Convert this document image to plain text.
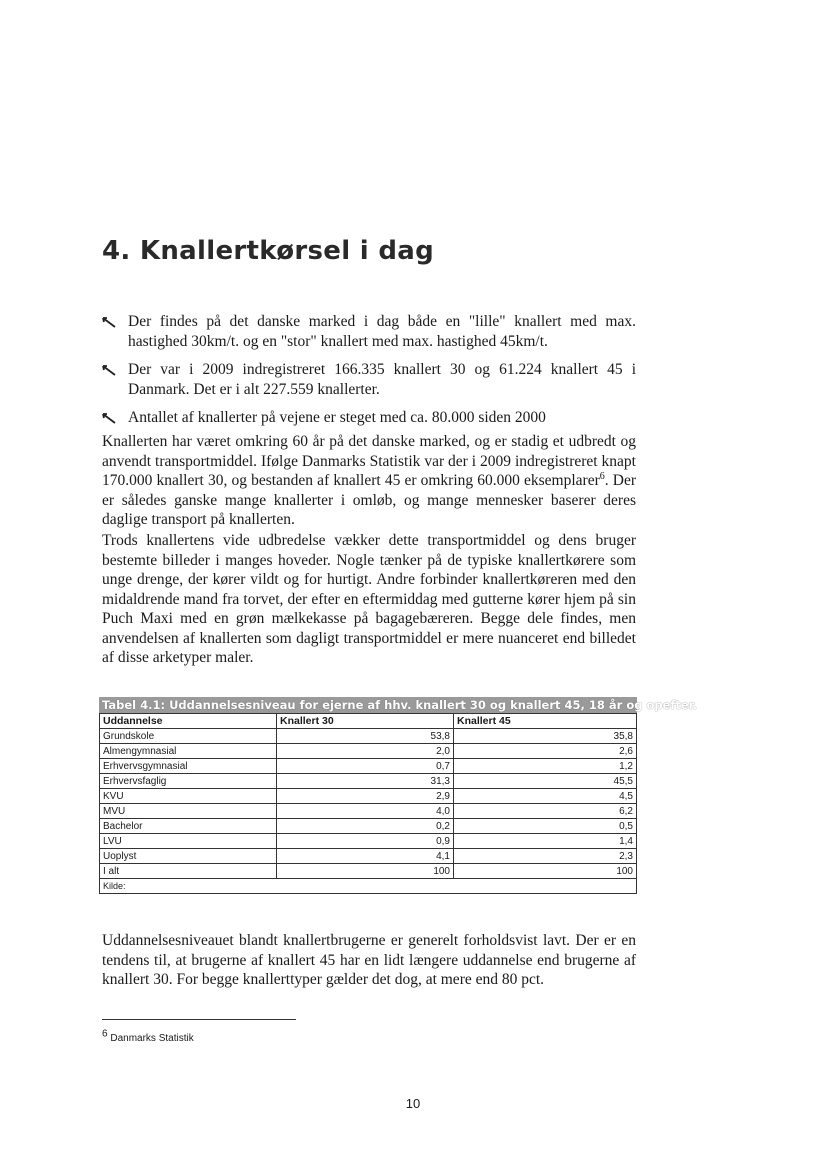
4. Knallertkørsel i dag
Der findes på det danske marked i dag både en "lille" knallert med max. hastighed 30km/t. og en "stor" knallert med max. hastighed 45km/t.
Der var i 2009 indregistreret 166.335 knallert 30 og 61.224 knallert 45 i Danmark. Det er i alt 227.559 knallerter.
Antallet af knallerter på vejene er steget med ca. 80.000 siden 2000

Knallerten har været omkring 60 år på det danske marked, og er stadig et udbredt og anvendt transportmiddel. Ifølge Danmarks Statistik var der i 2009 indregistreret knapt 170.000 knallert 30, og bestanden af knallert 45 er omkring 60.000 eksemplarer$^6$. Der er således ganske mange knallerter i omløb, og mange mennesker baserer deres daglige transport på knallerten.

Trods knallertens vide udbredelse vækker dette transportmiddel og dens bruger bestemte billeder i manges hoveder. Nogle tænker på de typiske knallertkørere som unge drenge, der kører vildt og for hurtigt. Andre forbinder knallertkøreren med den midaldrende mand fra torvet, der efter en eftermiddag med gutterne kører hjem på sin Puch Maxi med en grøn mælkekasse på bagagebæreren. Begge dele findes, men anvendelsen af knallerten som dagligt transportmiddel er mere nuanceret end billedet af disse arketyper maler.

Tabel 4.1: Uddannelsesniveau for ejerne af hhv. knallert 30 og knallert 45, 18 år og opefter.
Uddannelse	Knallert 30	Knallert 45
Grundskole	53,8	35,8
Almengymnasial	2,0	2,6
Erhvervsgymnasial	0,7	1,2
Erhvervsfaglig	31,3	45,5
KVU	2,9	4,5
MVU	4,0	6,2
Bachelor	0,2	0,5
LVU	0,9	1,4
Uoplyst	4,1	2,3
I alt	100	100
Kilde:		

Uddannelsesniveauet blandt knallertbrugerne er generelt forholdsvist lavt. Der er en tendens til, at brugerne af knallert 45 har en lidt længere uddannelse end brugerne af knallert 30. For begge knallerttyper gælder det dog, at mere end 80 pct.

$^6$ Danmarks Statistik
10
